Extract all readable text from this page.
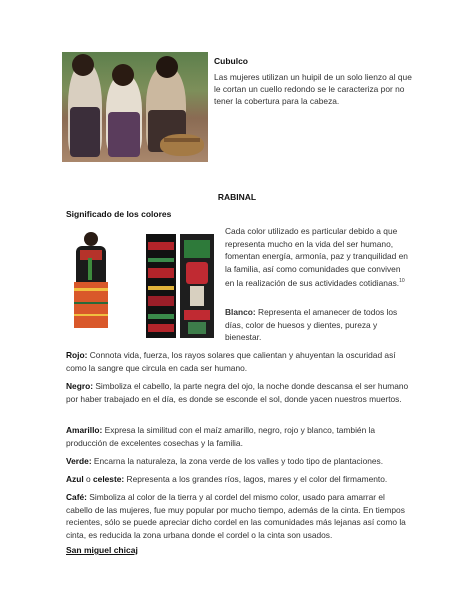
Cubulco
Las mujeres utilizan un huipil de un solo lienzo al que le cortan un cuello redondo se le caracteriza por no tener la cobertura para la cabeza.
RABINAL
Significado de los colores
Cada color utilizado es particular debido a que representa mucho en la vida del ser humano, fomentan energía, armonía, paz y tranquilidad en la familia, así como comunidades que conviven en la realización de sus actividades cotidianas.$^{10}$
Blanco: Representa el amanecer de todos los días, color de huesos y dientes, pureza y bienestar.
Rojo: Connota vida, fuerza, los rayos solares que calientan y ahuyentan la oscuridad así como la sangre que circula en cada ser humano.
Negro: Simboliza el cabello, la parte negra del ojo, la noche donde descansa el ser humano por haber trabajado en el día, es donde se esconde el sol, donde yacen nuestros muertos.
Amarillo: Expresa la similitud con el maíz amarillo, negro, rojo y blanco, también la producción de excelentes cosechas y la familia.
Verde: Encarna la naturaleza, la zona verde de los valles y todo tipo de plantaciones.
Azul o celeste: Representa a los grandes ríos, lagos, mares y el color del firmamento.
Café: Simboliza al color de la tierra y al cordel del mismo color, usado para amarrar el cabello de las mujeres, fue muy popular por mucho tiempo, además de la cinta. En tiempos recientes, sólo se puede apreciar dicho cordel en las comunidades más lejanas así como la cinta, es reducida la zona urbana donde el cordel o la cinta son usados.
San miguel chicaj
